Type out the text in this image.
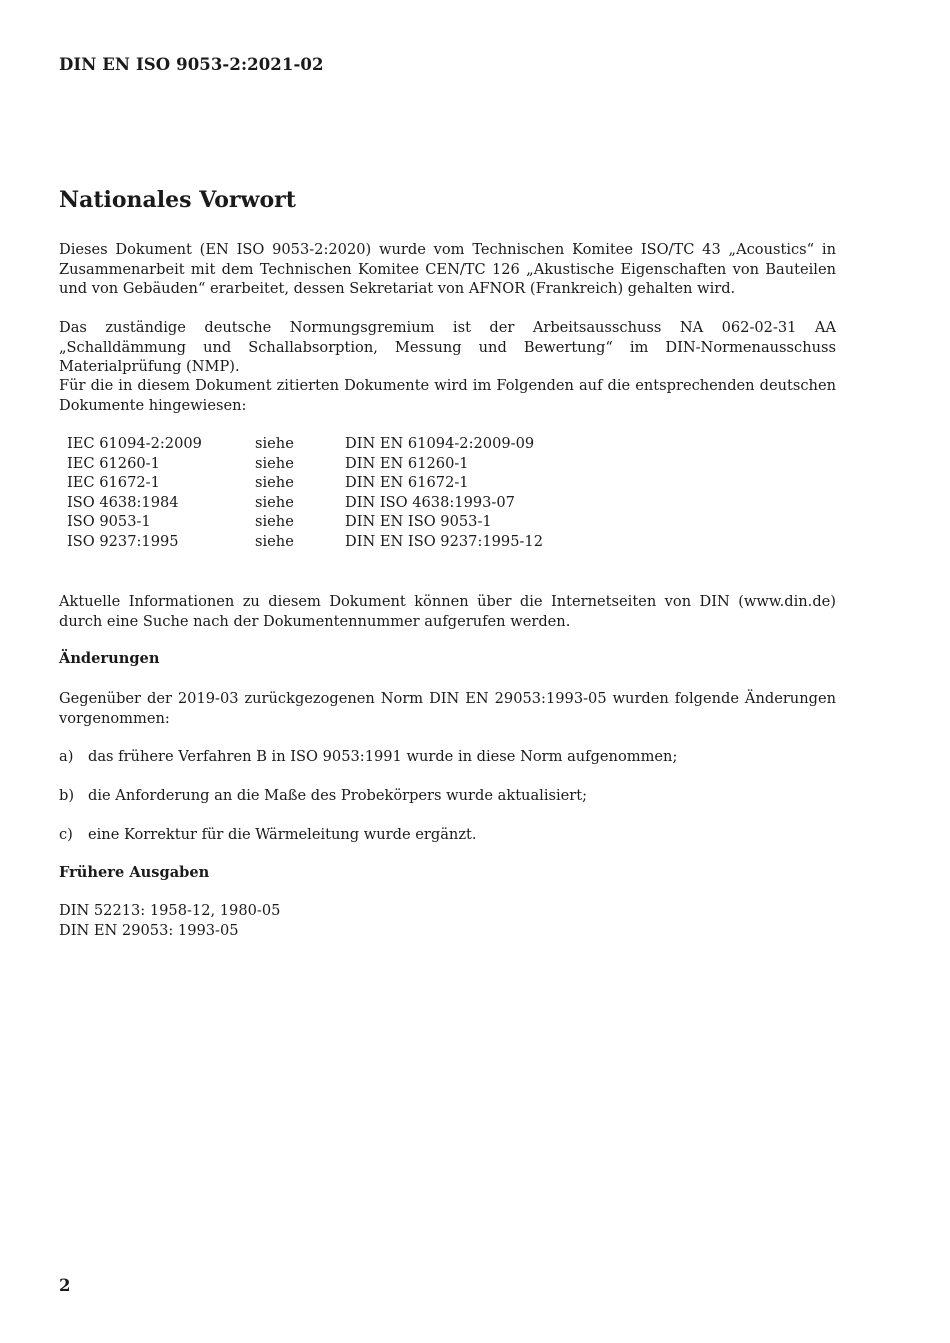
DIN EN ISO 9053-2:2021-02
Nationales Vorwort

Dieses Dokument (EN ISO 9053-2:2020) wurde vom Technischen Komitee ISO/TC 43 „Acoustics“ in Zusammenarbeit mit dem Technischen Komitee CEN/TC 126 „Akustische Eigenschaften von Bauteilen und von Gebäuden“ erarbeitet, dessen Sekretariat von AFNOR (Frankreich) gehalten wird.

Das zuständige deutsche Normungsgremium ist der Arbeitsausschuss NA 062-02-31 AA „Schalldämmung und Schallabsorption, Messung und Bewertung“ im DIN-Normenausschuss Materialprüfung (NMP).

Für die in diesem Dokument zitierten Dokumente wird im Folgenden auf die entsprechenden deutschen Dokumente hingewiesen:

IEC 61094-2:2009	siehe	DIN EN 61094-2:2009-09
IEC 61260-1	siehe	DIN EN 61260-1
IEC 61672-1	siehe	DIN EN 61672-1
ISO 4638:1984	siehe	DIN ISO 4638:1993-07
ISO 9053-1	siehe	DIN EN ISO 9053-1
ISO 9237:1995	siehe	DIN EN ISO 9237:1995-12

Aktuelle Informationen zu diesem Dokument können über die Internetseiten von DIN (www.din.de) durch eine Suche nach der Dokumentennummer aufgerufen werden.

Änderungen

Gegenüber der 2019-03 zurückgezogenen Norm DIN EN 29053:1993-05 wurden folgende Änderungen vorgenommen:

a) das frühere Verfahren B in ISO 9053:1991 wurde in diese Norm aufgenommen;
b) die Anforderung an die Maße des Probekörpers wurde aktualisiert;
c) eine Korrektur für die Wärmeleitung wurde ergänzt.
Frühere Ausgaben
DIN 52213: 1958-12, 1980-05
DIN EN 29053: 1993-05
2
